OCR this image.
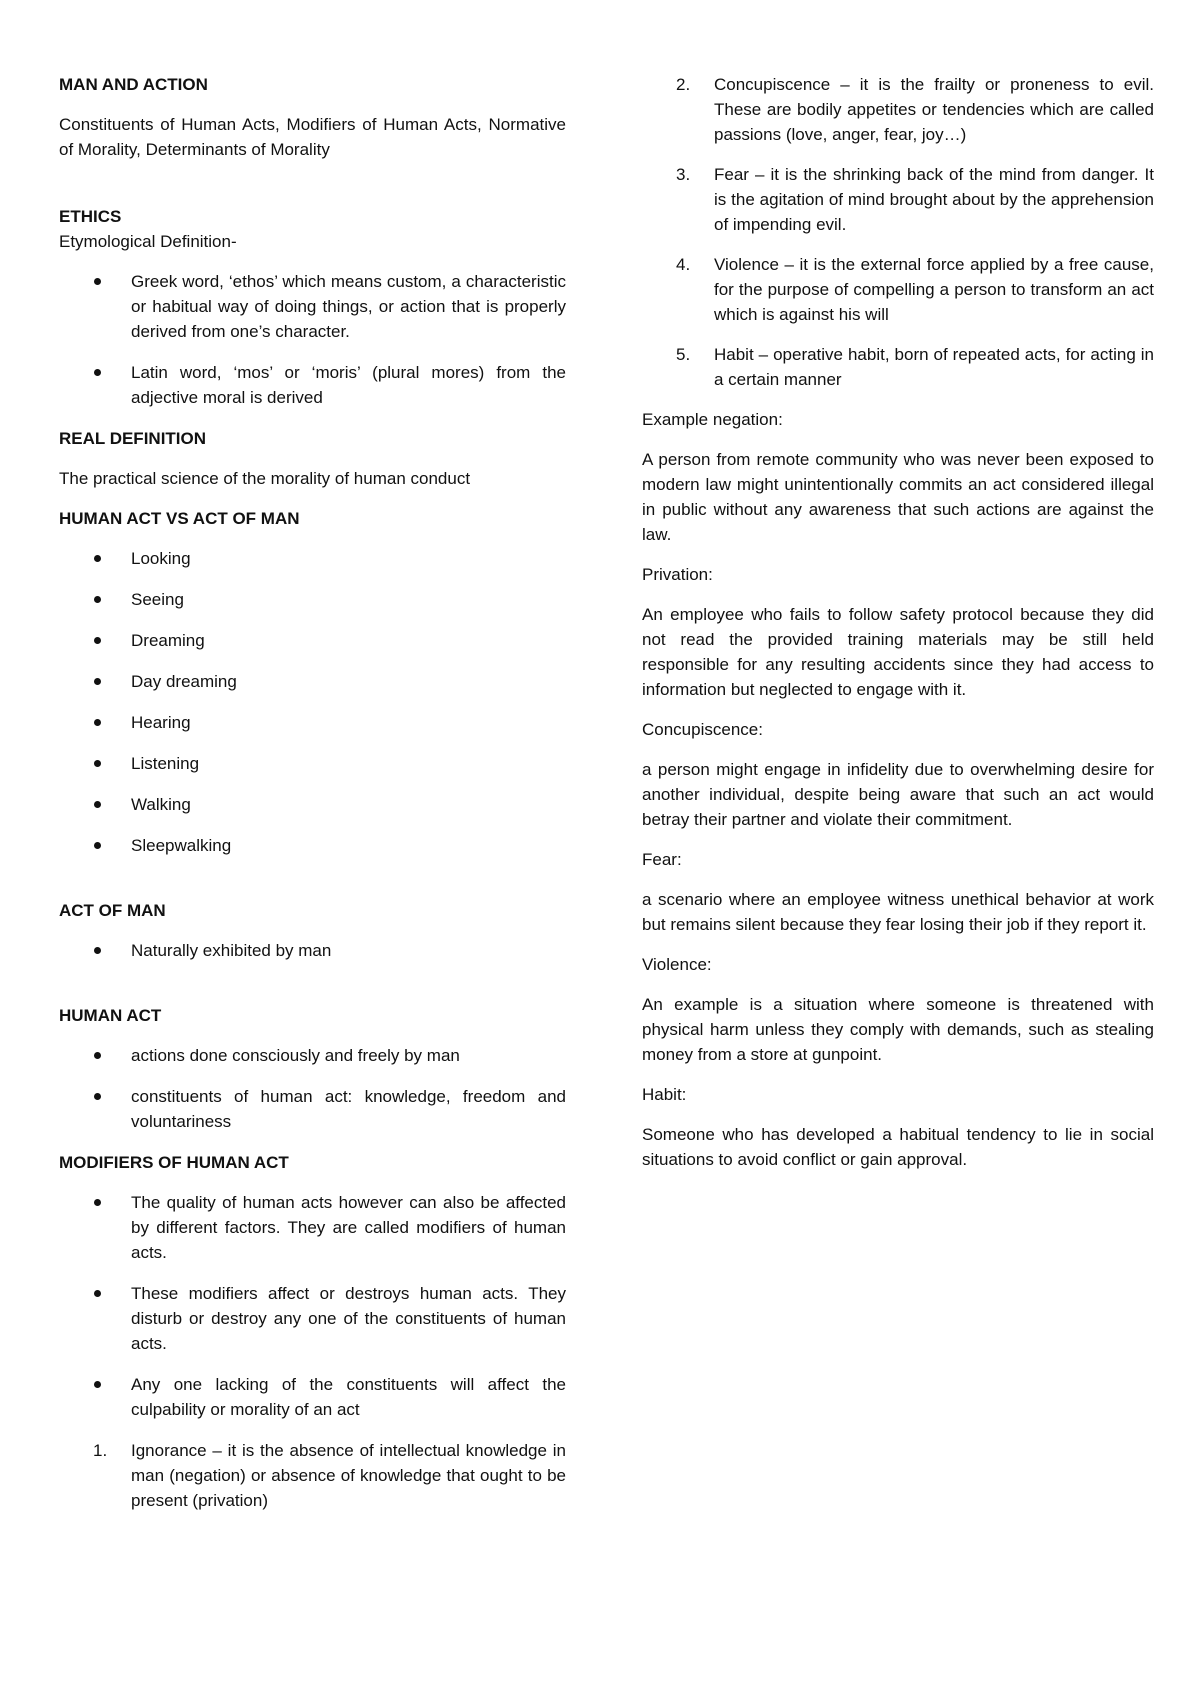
MAN AND ACTION

Constituents of Human Acts, Modifiers of Human Acts, Normative of Morality, Determinants of Morality

ETHICS

Etymological Definition-

Greek word, ‘ethos’ which means custom, a characteristic or habitual way of doing things, or action that is properly derived from one’s character.
Latin word, ‘mos’ or ‘moris’ (plural mores) from the adjective moral is derived

REAL DEFINITION

The practical science of the morality of human conduct

HUMAN ACT VS ACT OF MAN

Looking
Seeing
Dreaming
Day dreaming
Hearing
Listening
Walking
Sleepwalking

ACT OF MAN

Naturally exhibited by man

HUMAN ACT

actions done consciously and freely by man
constituents of human act: knowledge, freedom and voluntariness

MODIFIERS OF HUMAN ACT

The quality of human acts however can also be affected by different factors. They are called modifiers of human acts.
These modifiers affect or destroys human acts. They disturb or destroy any one of the constituents of human acts.
Any one lacking of the constituents will affect the culpability or morality of an act
1. Ignorance – it is the absence of intellectual knowledge in man (negation) or absence of knowledge that ought to be present (privation)
2. Concupiscence – it is the frailty or proneness to evil. These are bodily appetites or tendencies which are called passions (love, anger, fear, joy…)
3. Fear – it is the shrinking back of the mind from danger. It is the agitation of mind brought about by the apprehension of impending evil.
4. Violence – it is the external force applied by a free cause, for the purpose of compelling a person to transform an act which is against his will
5. Habit – operative habit, born of repeated acts, for acting in a certain manner

Example negation:

A person from remote community who was never been exposed to modern law might unintentionally commits an act considered illegal in public without any awareness that such actions are against the law.

Privation:

An employee who fails to follow safety protocol because they did not read the provided training materials may be still held responsible for any resulting accidents since they had access to information but neglected to engage with it.

Concupiscence:

a person might engage in infidelity due to overwhelming desire for another individual, despite being aware that such an act would betray their partner and violate their commitment.

Fear:

a scenario where an employee witness unethical behavior at work but remains silent because they fear losing their job if they report it.

Violence:

An example is a situation where someone is threatened with physical harm unless they comply with demands, such as stealing money from a store at gunpoint.

Habit:

Someone who has developed a habitual tendency to lie in social situations to avoid conflict or gain approval.
